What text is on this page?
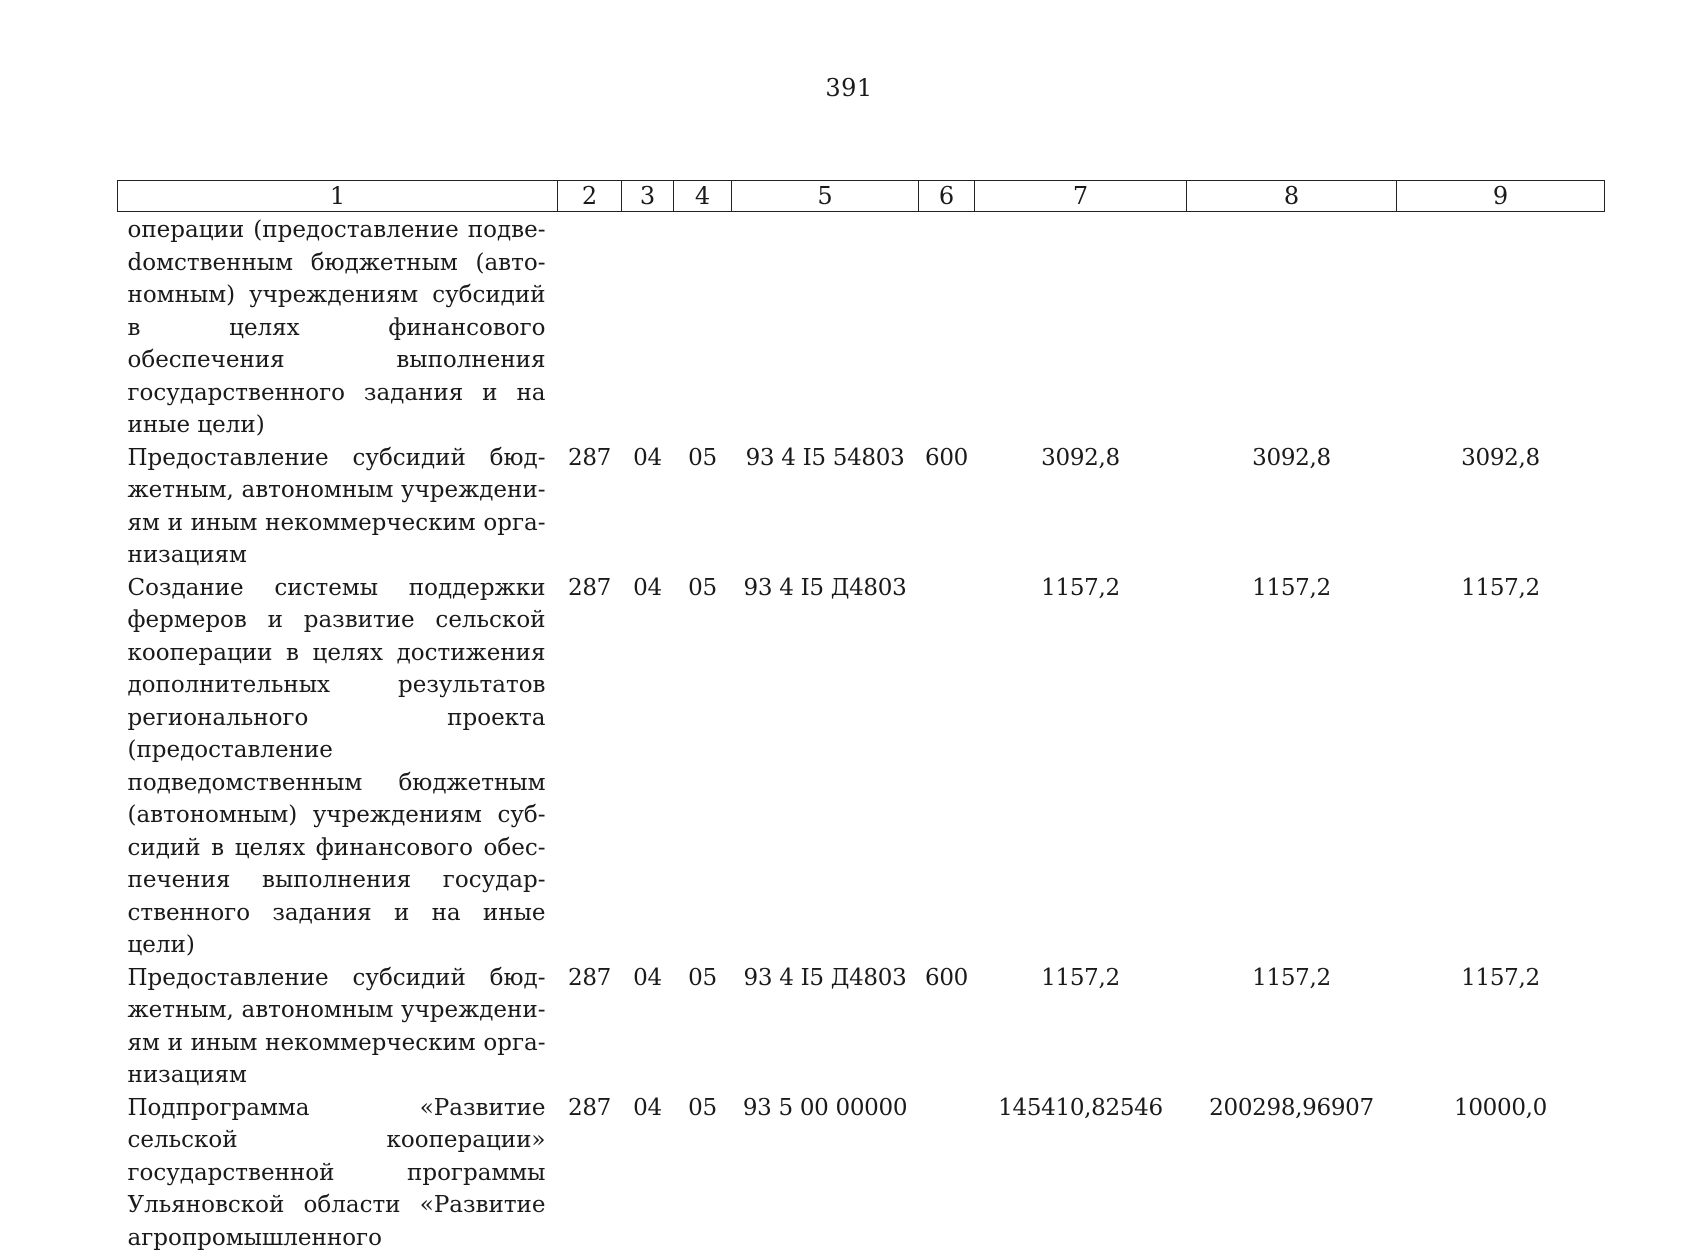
391
1	2	3	4	5	6	7	8	9
операции (предоставление подвеdомственным бюджетным (автономным) учреждениям субсидий в целях финансового обеспечения выполнения государственного задания и на иные цели)								
Предоставление субсидий бюджетным, автономным учреждениям и иным некоммерческим организациям	287	04	05	93 4 I5 54803	600	3092,8	3092,8	3092,8
Создание системы поддержки фермеров и развитие сельской кооперации в целях достижения дополнительных результатов регионального проекта (предоставление подведомственным бюджетным (автономным) учреждениям субсидий в целях финансового обеспечения выполнения государственного задания и на иные цели)	287	04	05	93 4 I5 Д4803		1157,2	1157,2	1157,2
Предоставление субсидий бюджетным, автономным учреждениям и иным некоммерческим организациям	287	04	05	93 4 I5 Д4803	600	1157,2	1157,2	1157,2
Подпрограмма «Развитие сельской кооперации» государственной программы Ульяновской области «Развитие агропромышленного	287	04	05	93 5 00 00000		145410,82546	200298,96907	10000,0
